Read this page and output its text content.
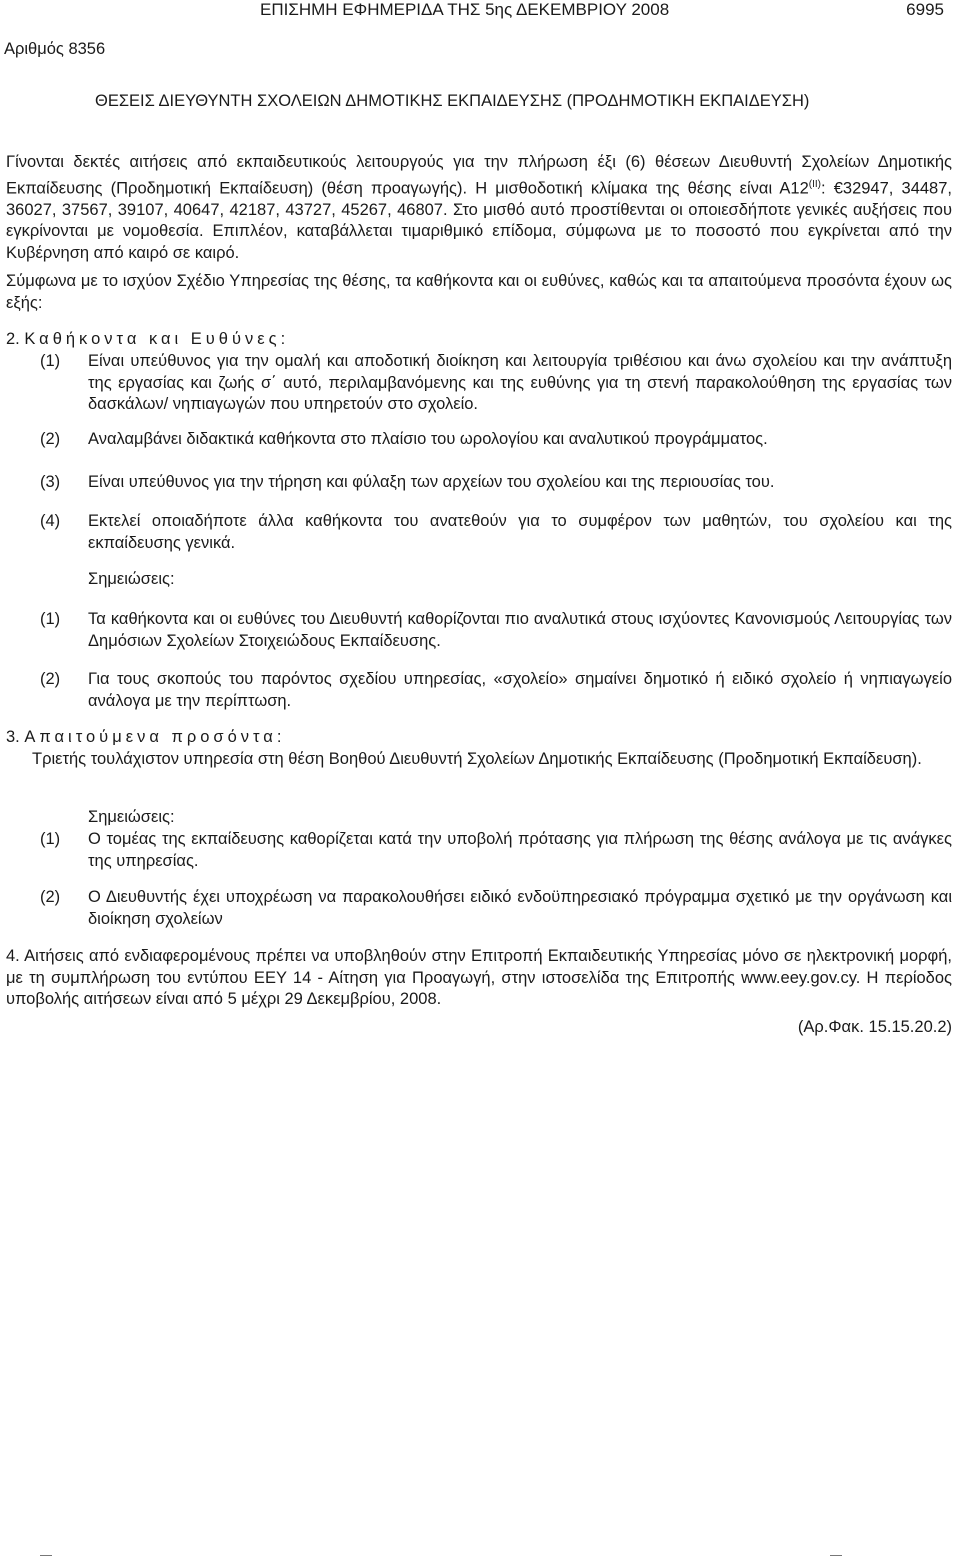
ΕΠΙΣΗΜΗ ΕΦΗΜΕΡΙΔΑ ΤΗΣ 5ης ΔΕΚΕΜΒΡΙΟΥ 2008	6995
Αριθμός 8356
ΘΕΣΕΙΣ ΔΙΕΥΘΥΝΤΗ ΣΧΟΛΕΙΩΝ ΔΗΜΟΤΙΚΗΣ ΕΚΠΑΙΔΕΥΣΗΣ (ΠΡΟΔΗΜΟΤΙΚΗ ΕΚΠΑΙΔΕΥΣΗ)
Γίνονται δεκτές αιτήσεις από εκπαιδευτικούς λειτουργούς για την πλήρωση έξι (6) θέσεων Διευθυντή Σχολείων Δημοτικής Εκπαίδευσης (Προδημοτική Εκπαίδευση) (θέση προαγωγής). Η μισθοδοτική κλίμακα της θέσης είναι $A12^{(II)}$: €32947, 34487, 36027, 37567, 39107, 40647, 42187, 43727, 45267, 46807. Στο μισθό αυτό προστίθενται οι οποιεσδήποτε γενικές αυξήσεις που εγκρίνονται με νομοθεσία. Επιπλέον, καταβάλλεται τιμαριθμικό επίδομα, σύμφωνα με το ποσοστό που εγκρίνεται από την Κυβέρνηση από καιρό σε καιρό.
Σύμφωνα με το ισχύον Σχέδιο Υπηρεσίας της θέσης, τα καθήκοντα και οι ευθύνες, καθώς και τα απαιτούμενα προσόντα έχουν ως εξής:
2. Καθήκοντα και Ευθύνες:
(1) Είναι υπεύθυνος για την ομαλή και αποδοτική διοίκηση και λειτουργία τριθέσιου και άνω σχολείου και την ανάπτυξη της εργασίας και ζωής σ΄ αυτό, περιλαμβανόμενης και της ευθύνης για τη στενή παρακολούθηση της εργασίας των δασκάλων/ νηπιαγωγών που υπηρετούν στο σχολείο.
(2) Αναλαμβάνει διδακτικά καθήκοντα στο πλαίσιο του ωρολογίου και αναλυτικού προγράμματος.
(3) Είναι υπεύθυνος για την τήρηση και φύλαξη των αρχείων του σχολείου και της περιουσίας του.
(4) Εκτελεί οποιαδήποτε άλλα καθήκοντα του ανατεθούν για το συμφέρον των μαθητών, του σχολείου και της εκπαίδευσης γενικά.
Σημειώσεις:
(1) Τα καθήκοντα και οι ευθύνες του Διευθυντή καθορίζονται πιο αναλυτικά στους ισχύοντες Κανονισμούς Λειτουργίας των Δημόσιων Σχολείων Στοιχειώδους Εκπαίδευσης.
(2) Για τους σκοπούς του παρόντος σχεδίου υπηρεσίας, «σχολείο» σημαίνει δημοτικό ή ειδικό σχολείο ή νηπιαγωγείο ανάλογα με την περίπτωση.
3. Απαιτούμενα προσόντα:
Τριετής τουλάχιστον υπηρεσία στη θέση Βοηθού Διευθυντή Σχολείων Δημοτικής Εκπαίδευσης (Προδημοτική Εκπαίδευση).
Σημειώσεις:
(1) Ο τομέας της εκπαίδευσης καθορίζεται κατά την υποβολή πρότασης για πλήρωση της θέσης ανάλογα με τις ανάγκες της υπηρεσίας.
(2) Ο Διευθυντής έχει υποχρέωση να παρακολουθήσει ειδικό ενδοϋπηρεσιακό πρόγραμμα σχετικό με την οργάνωση και διοίκηση σχολείων
4. Αιτήσεις από ενδιαφερομένους πρέπει να υποβληθούν στην Επιτροπή Εκπαιδευτικής Υπηρεσίας μόνο σε ηλεκτρονική μορφή, με τη συμπλήρωση του εντύπου ΕΕΥ 14 - Αίτηση για Προαγωγή, στην ιστοσελίδα της Επιτροπής www.eey.gov.cy. Η περίοδος υποβολής αιτήσεων είναι από 5 μέχρι 29 Δεκεμβρίου, 2008.
(Αρ.Φακ. 15.15.20.2)
